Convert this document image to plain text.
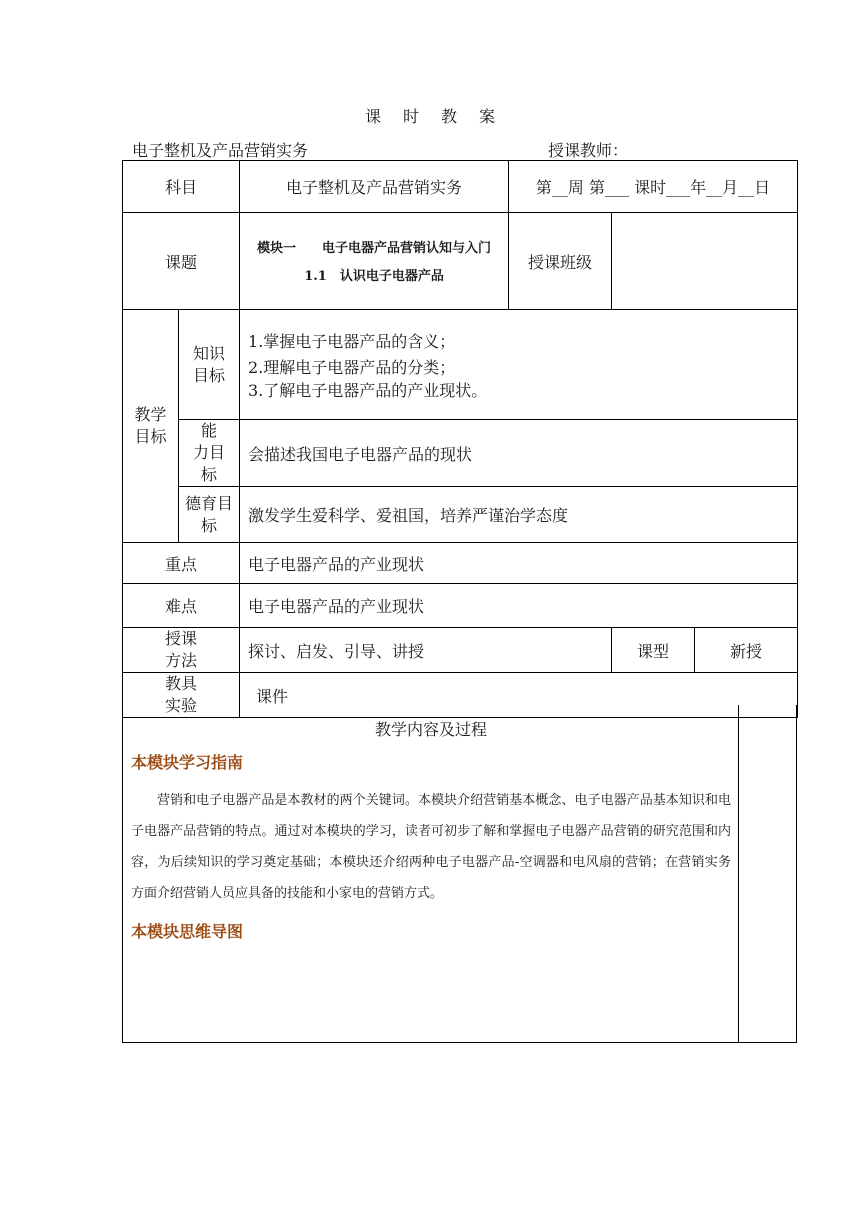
课 时 教 案
电子整机及产品营销实务	授课教师：
科目		电子整机及产品营销实务	第__周 第___ 课时___年__月__日		
课题		模块一　　电子电器产品营销认知与入门
1.1　认识电子电器产品	授课班级		

教学目标	知识目标	1.掌握电子电器产品的含义；
2.理解电子电器产品的分类；
3.了解电子电器产品的产业现状。			

	能　力目标	会描述我国电子电器产品的现状			

	德育目标	激发学生爱科学、爱祖国，培养严谨治学态度			
重点		电子电器产品的产业现状			
难点		电子电器产品的产业现状			

授课方法		探讨、启发、引导、讲授		课型	新授

教具实验		课件			
教学内容及过程
本模块学习指南
营销和电子电器产品是本教材的两个关键词。本模块介绍营销基本概念、电子电器产品基本知识和电子电器产品营销的特点。通过对本模块的学习，读者可初步了解和掌握电子电器产品营销的研究范围和内容，为后续知识的学习奠定基础；本模块还介绍两种电子电器产品-空调器和电风扇的营销；在营销实务方面介绍营销人员应具备的技能和小家电的营销方式。
本模块思维导图
